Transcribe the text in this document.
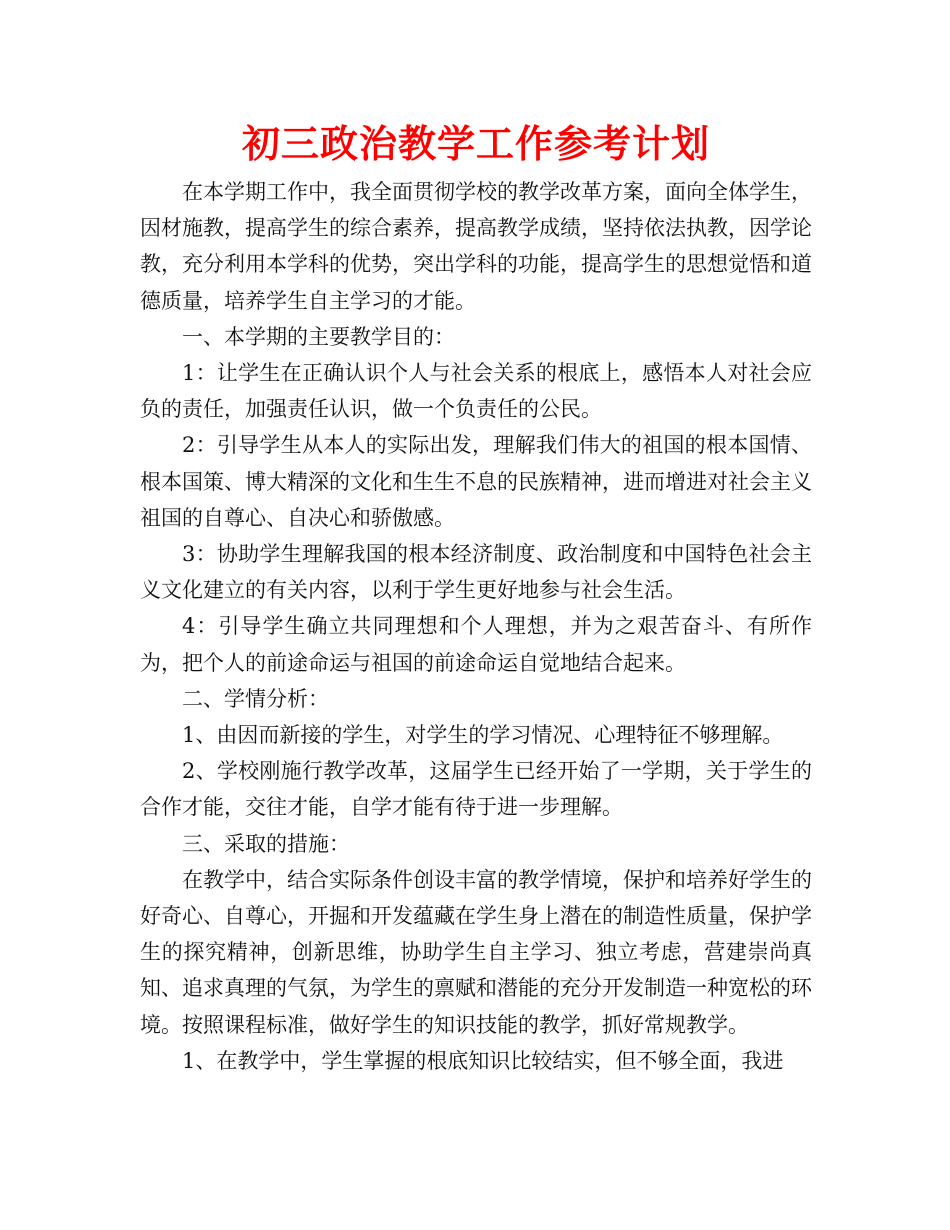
初三政治教学工作参考计划

在本学期工作中，我全面贯彻学校的教学改革方案，面向全体学生，因材施教，提高学生的综合素养，提高教学成绩，坚持依法执教，因学论教，充分利用本学科的优势，突出学科的功能，提高学生的思想觉悟和道德质量，培养学生自主学习的才能。

一、本学期的主要教学目的：

1：让学生在正确认识个人与社会关系的根底上，感悟本人对社会应负的责任，加强责任认识，做一个负责任的公民。

2：引导学生从本人的实际出发，理解我们伟大的祖国的根本国情、根本国策、博大精深的文化和生生不息的民族精神，进而增进对社会主义祖国的自尊心、自决心和骄傲感。

3：协助学生理解我国的根本经济制度、政治制度和中国特色社会主义文化建立的有关内容，以利于学生更好地参与社会生活。

4：引导学生确立共同理想和个人理想，并为之艰苦奋斗、有所作为，把个人的前途命运与祖国的前途命运自觉地结合起来。

二、学情分析：

1、由因而新接的学生，对学生的学习情况、心理特征不够理解。

2、学校刚施行教学改革，这届学生已经开始了一学期，关于学生的合作才能，交往才能，自学才能有待于进一步理解。

三、采取的措施：

在教学中，结合实际条件创设丰富的教学情境，保护和培养好学生的好奇心、自尊心，开掘和开发蕴藏在学生身上潜在的制造性质量，保护学生的探究精神，创新思维，协助学生自主学习、独立考虑，营建崇尚真知、追求真理的气氛，为学生的禀赋和潜能的充分开发制造一种宽松的环境。按照课程标准，做好学生的知识技能的教学，抓好常规教学。

1、在教学中，学生掌握的根底知识比较结实，但不够全面，我进
